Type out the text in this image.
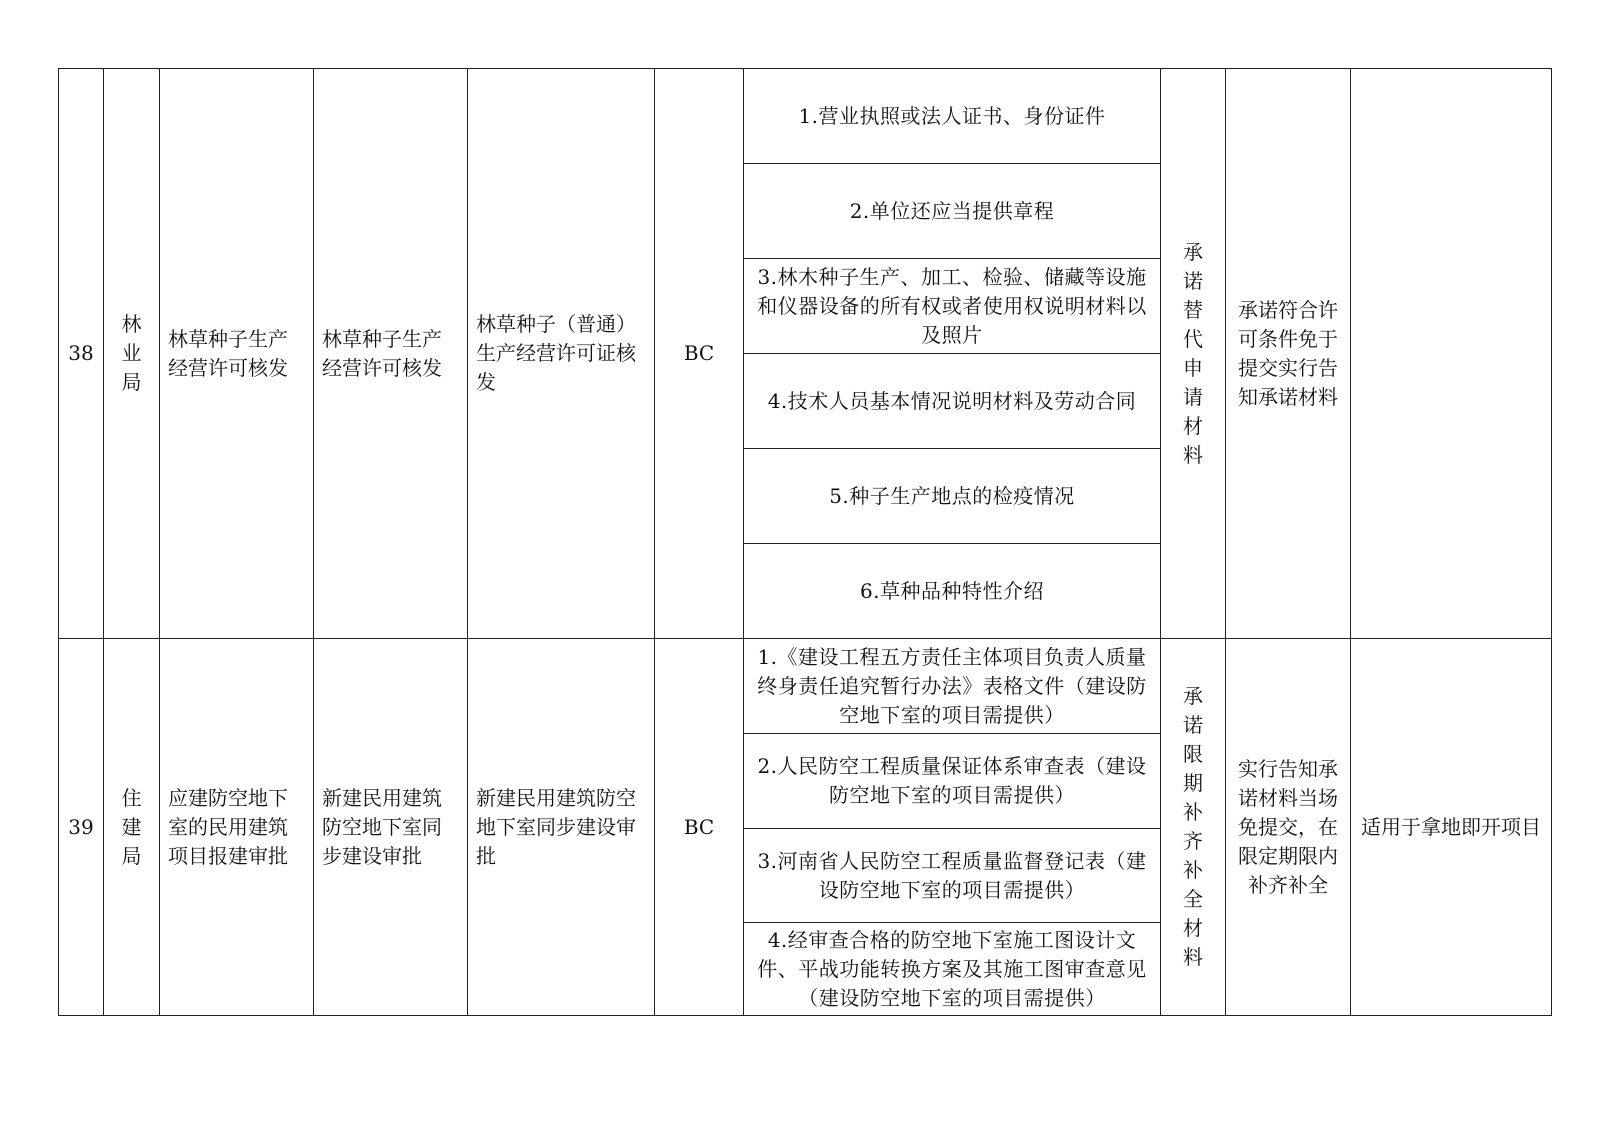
38	林业局	林草种子生产经营许可核发	林草种子生产经营许可核发	林草种子（普通）生产经营许可证核发	BC	1.营业执照或法人证书、身份证件	承诺替代申请材料	承诺符合许可条件免于提交实行告知承诺材料	
						2.单位还应当提供章程			
						3.林木种子生产、加工、检验、储藏等设施和仪器设备的所有权或者使用权说明材料以及照片			
						4.技术人员基本情况说明材料及劳动合同			
						5.种子生产地点的检疫情况			
						6.草种品种特性介绍			
39	住建局	应建防空地下室的民用建筑项目报建审批	新建民用建筑防空地下室同步建设审批	新建民用建筑防空地下室同步建设审批	BC	1.《建设工程五方责任主体项目负责人质量终身责任追究暂行办法》表格文件（建设防空地下室的项目需提供）	承诺限期补齐补全材料	实行告知承诺材料当场免提交，在限定期限内补齐补全	适用于拿地即开项目
						2.人民防空工程质量保证体系审查表（建设防空地下室的项目需提供）			
						3.河南省人民防空工程质量监督登记表（建设防空地下室的项目需提供）			
						4.经审查合格的防空地下室施工图设计文件、平战功能转换方案及其施工图审查意见（建设防空地下室的项目需提供）			
